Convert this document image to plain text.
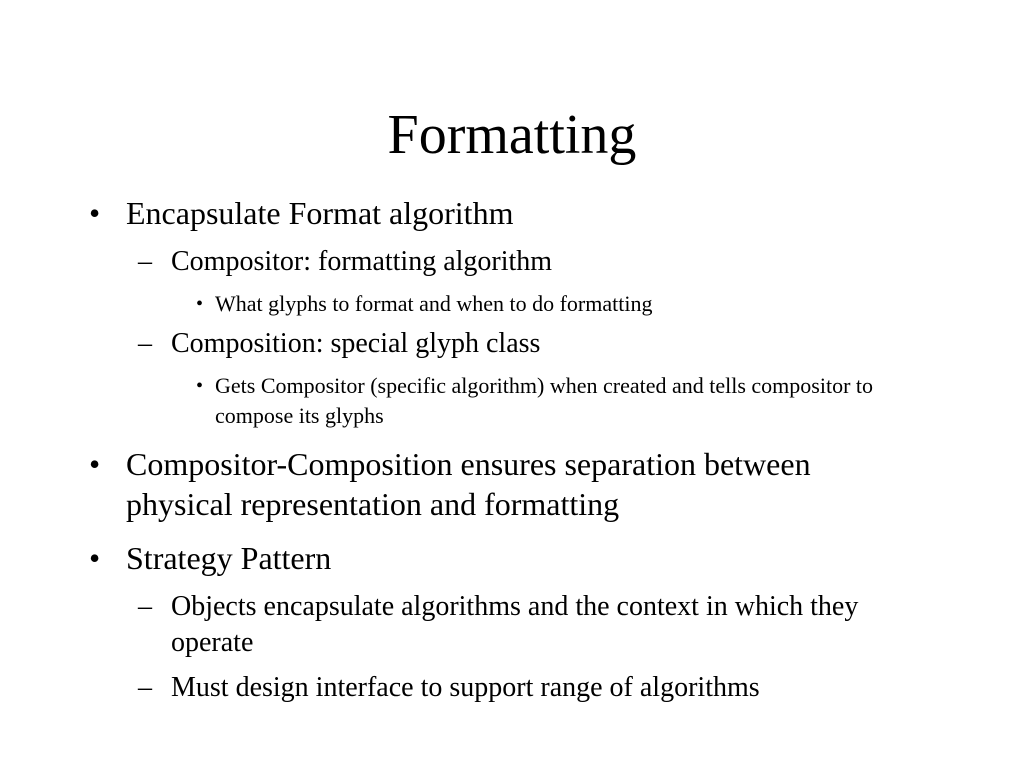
Formatting
• Encapsulate Format algorithm
– Compositor: formatting algorithm
• What glyphs to format and when to do formatting
– Composition: special glyph class
• Gets Compositor (specific algorithm) when created and tells compositor to compose its glyphs
• Compositor-Composition ensures separation between physical representation and formatting
• Strategy Pattern
– Objects encapsulate algorithms and the context in which they operate
– Must design interface to support range of algorithms
